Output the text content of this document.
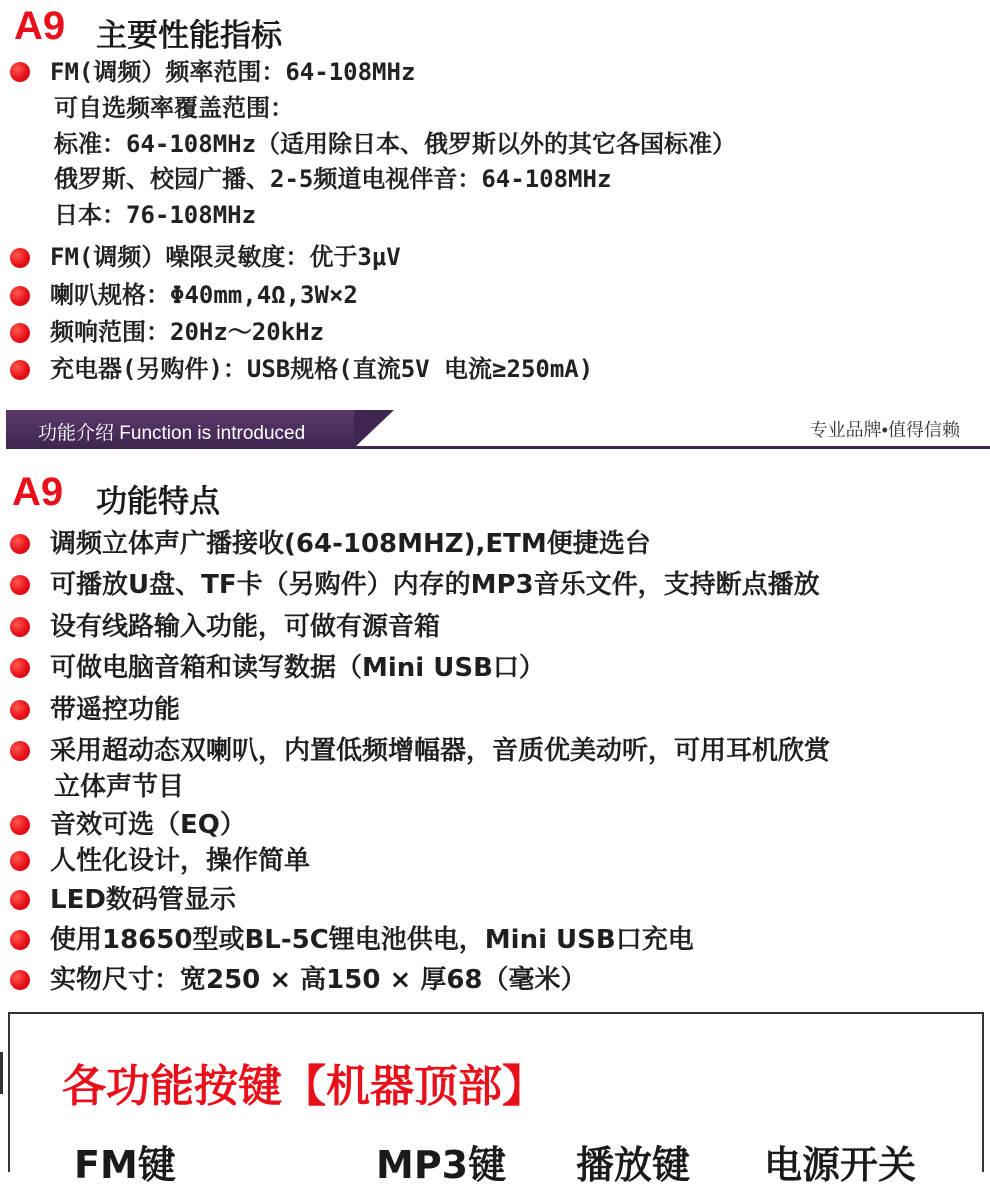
A9 主要性能指标
FM(调频）频率范围：64-108MHz
可自选频率覆盖范围：
标准：64-108MHz（适用除日本、俄罗斯以外的其它各国标准）
俄罗斯、校园广播、2-5频道电视伴音：64-108MHz
日本：76-108MHz
FM(调频）噪限灵敏度：优于3μV
喇叭规格：Φ40mm,4Ω,3W×2
频响范围：20Hz～20kHz
充电器(另购件)：USB规格(直流5V 电流≥250mA)
功能介绍 Function is introduced	专业品牌•值得信赖
A9 功能特点
调频立体声广播接收(64-108MHZ),ETM便捷选台
可播放U盘、TF卡（另购件）内存的MP3音乐文件，支持断点播放
设有线路输入功能，可做有源音箱
可做电脑音箱和读写数据（Mini USB口）
带遥控功能
采用超动态双喇叭，内置低频增幅器，音质优美动听，可用耳机欣赏
立体声节目
音效可选（EQ）
人性化设计，操作简单
LED数码管显示
使用18650型或BL-5C锂电池供电，Mini USB口充电
实物尺寸：宽250 × 高150 × 厚68（毫米）
各功能按键【机器顶部】
FM键	MP3键 播放键 电源开关
